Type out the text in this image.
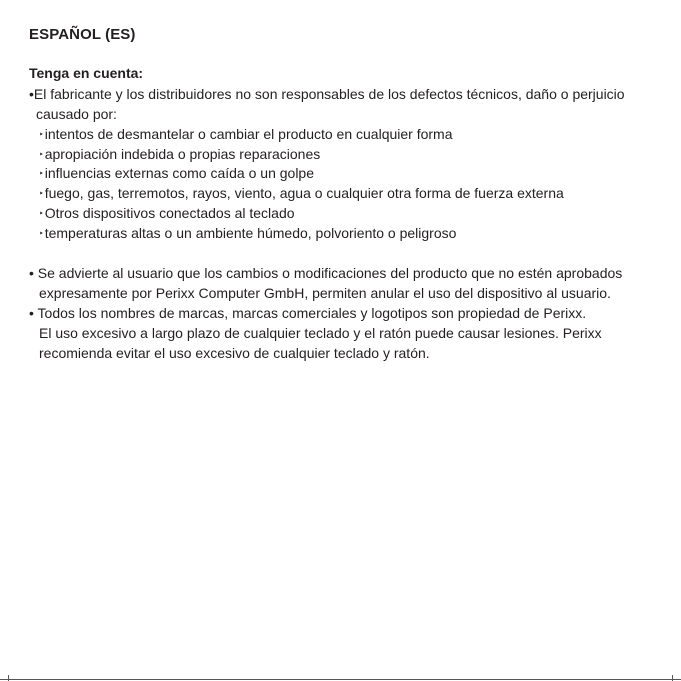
ESPAÑOL (ES)
Tenga en cuenta:
•El fabricante y los distribuidores no son responsables de los defectos técnicos, daño o perjuicio
causado por:
‣intentos de desmantelar o cambiar el producto en cualquier forma
‣apropiación indebida o propias reparaciones
‣influencias externas como caída o un golpe
‣fuego, gas, terremotos, rayos, viento, agua o cualquier otra forma de fuerza externa
‣Otros dispositivos conectados al teclado
‣temperaturas altas o un ambiente húmedo, polvoriento o peligroso
• Se advierte al usuario que los cambios o modificaciones del producto que no estén aprobados
expresamente por Perixx Computer GmbH, permiten anular el uso del dispositivo al usuario.
• Todos los nombres de marcas, marcas comerciales y logotipos son propiedad de Perixx.
El uso excesivo a largo plazo de cualquier teclado y el ratón puede causar lesiones. Perixx
recomienda evitar el uso excesivo de cualquier teclado y ratón.
